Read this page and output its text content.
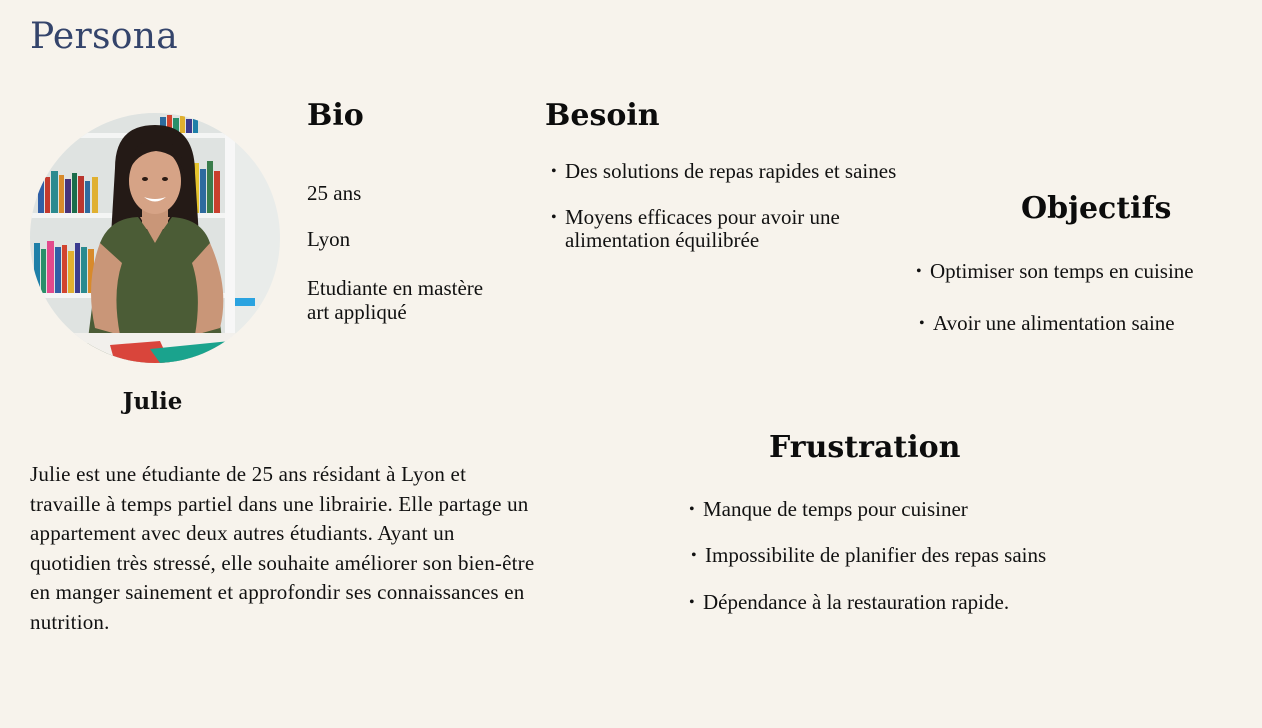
Persona
Julie
Bio
25 ans
Lyon
Etudiante en mastère art appliqué
Besoin
• Des solutions de repas rapides et saines
• Moyens efficaces pour avoir une alimentation équilibrée
Objectifs
• Optimiser son temps en cuisine
• Avoir une alimentation saine
Frustration
• Manque de temps pour cuisiner
• Impossibilite de planifier des repas sains
• Dépendance à la restauration rapide.
Julie est une étudiante de 25 ans résidant à Lyon et travaille à temps partiel dans une librairie. Elle partage un appartement avec deux autres étudiants. Ayant un quotidien très stressé, elle souhaite améliorer son bien-être en manger sainement et approfondir ses connaissances en nutrition.
